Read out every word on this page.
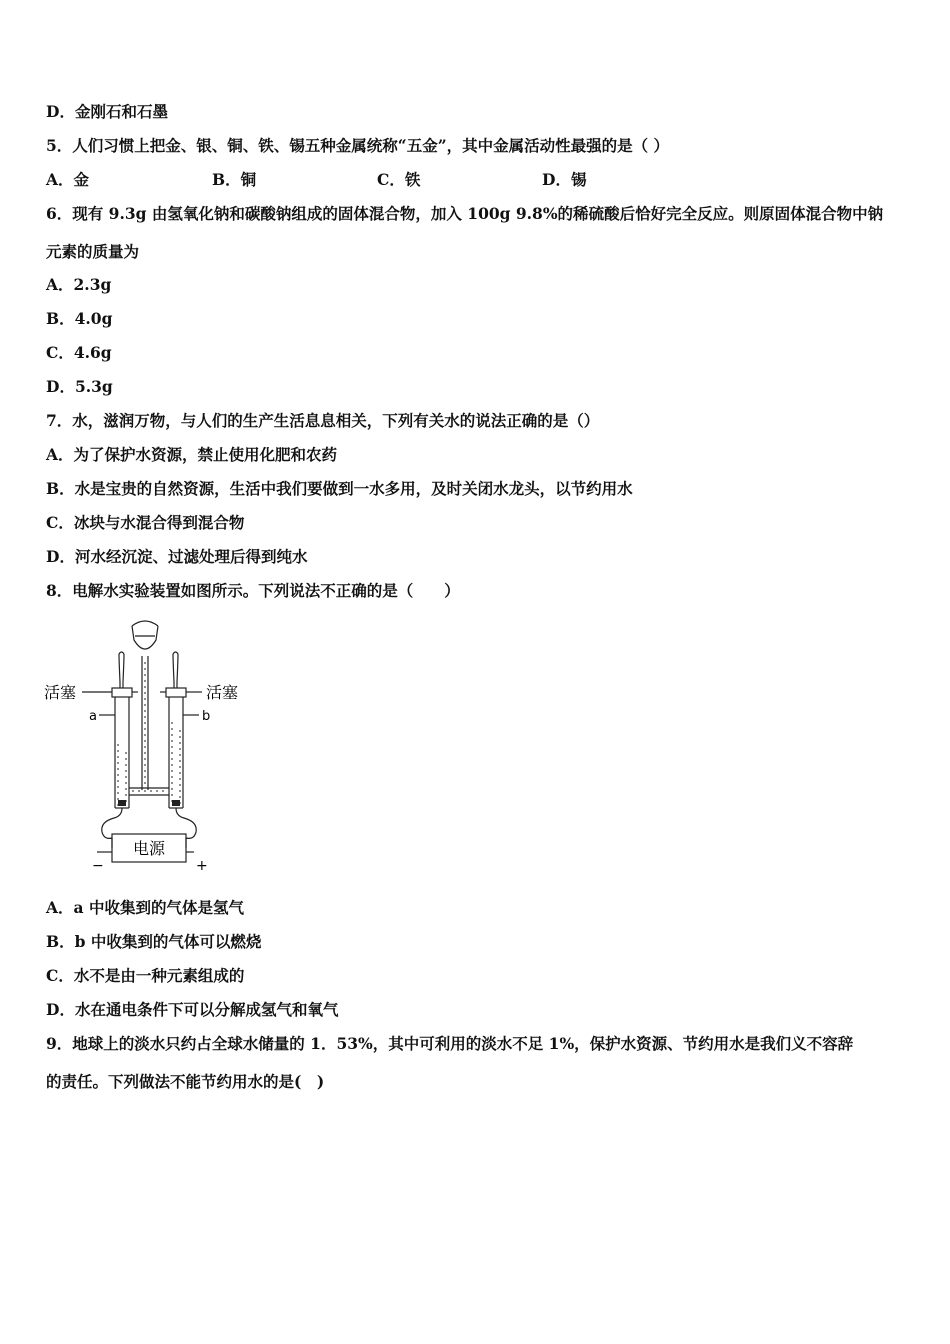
D．金刚石和石墨
5．人们习惯上把金、银、铜、铁、锡五种金属统称“五金”，其中金属活动性最强的是（ ）
A．金	B．铜	C．铁	D．锡
6．现有 9.3g 由氢氧化钠和碳酸钠组成的固体混合物，加入 100g 9.8%的稀硫酸后恰好完全反应。则原固体混合物中钠
元素的质量为
A．2.3g
B．4.0g
C．4.6g
D．5.3g
7．水，滋润万物，与人们的生产生活息息相关，下列有关水的说法正确的是（）
A．为了保护水资源，禁止使用化肥和农药
B．水是宝贵的自然资源，生活中我们要做到一水多用，及时关闭水龙头，以节约用水
C．冰块与水混合得到混合物
D．河水经沉淀、过滤处理后得到纯水
8．电解水实验装置如图所示。下列说法不正确的是（　　）
活塞	活塞
a	b
电源
−	+
A．a 中收集到的气体是氢气
B．b 中收集到的气体可以燃烧
C．水不是由一种元素组成的
D．水在通电条件下可以分解成氢气和氧气
9．地球上的淡水只约占全球水储量的 1．53%，其中可利用的淡水不足 1%，保护水资源、节约用水是我们义不容辞
的责任。下列做法不能节约用水的是(　)
